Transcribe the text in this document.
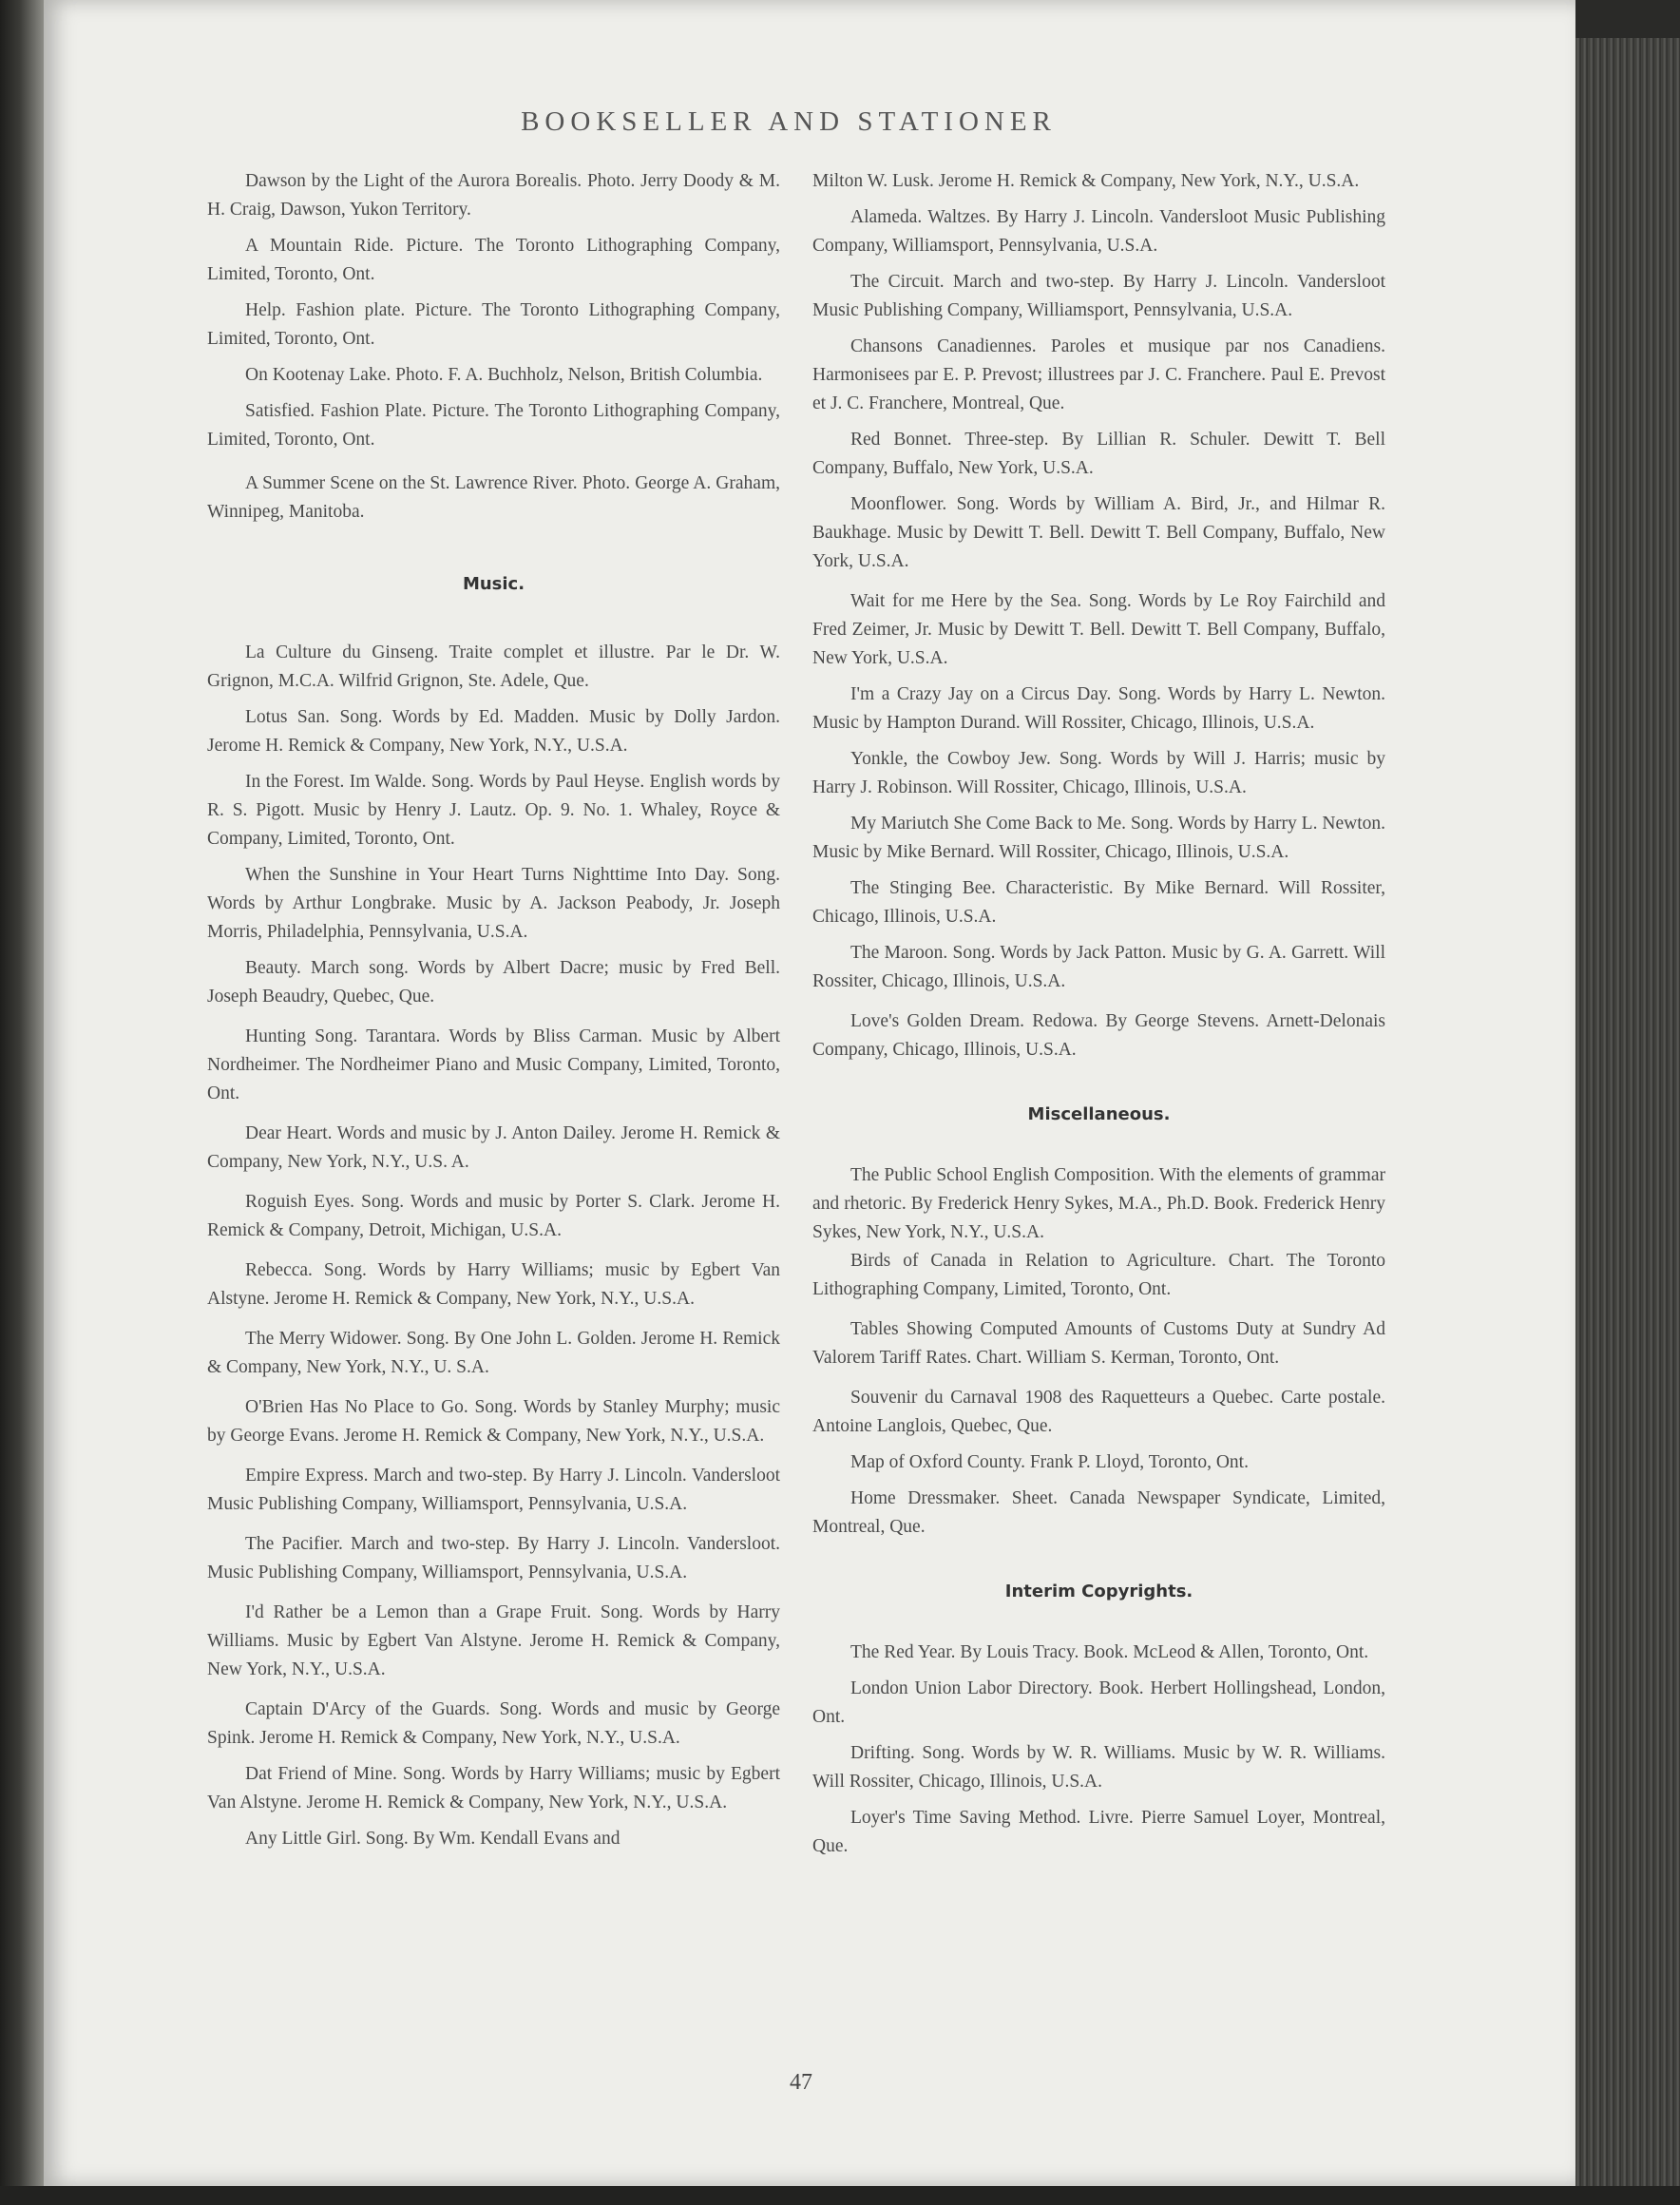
BOOKSELLER AND STATIONER

Dawson by the Light of the Aurora Borealis. Photo. Jerry Doody & M. H. Craig, Dawson, Yukon Territory.

A Mountain Ride. Picture. The Toronto Lithographing Company, Limited, Toronto, Ont.

Help. Fashion plate. Picture. The Toronto Lithographing Company, Limited, Toronto, Ont.

On Kootenay Lake. Photo. F. A. Buchholz, Nelson, British Columbia.

Satisfied. Fashion Plate. Picture. The Toronto Lithographing Company, Limited, Toronto, Ont.

A Summer Scene on the St. Lawrence River. Photo. George A. Graham, Winnipeg, Manitoba.

Music.

La Culture du Ginseng. Traite complet et illustre. Par le Dr. W. Grignon, M.C.A. Wilfrid Grignon, Ste. Adele, Que.

Lotus San. Song. Words by Ed. Madden. Music by Dolly Jardon. Jerome H. Remick & Company, New York, N.Y., U.S.A.

In the Forest. Im Walde. Song. Words by Paul Heyse. English words by R. S. Pigott. Music by Henry J. Lautz. Op. 9. No. 1. Whaley, Royce & Company, Limited, Toronto, Ont.

When the Sunshine in Your Heart Turns Nighttime Into Day. Song. Words by Arthur Longbrake. Music by A. Jackson Peabody, Jr. Joseph Morris, Philadelphia, Pennsylvania, U.S.A.

Beauty. March song. Words by Albert Dacre; music by Fred Bell. Joseph Beaudry, Quebec, Que.

Hunting Song. Tarantara. Words by Bliss Carman. Music by Albert Nordheimer. The Nordheimer Piano and Music Company, Limited, Toronto, Ont.

Dear Heart. Words and music by J. Anton Dailey. Jerome H. Remick & Company, New York, N.Y., U.S. A.

Roguish Eyes. Song. Words and music by Porter S. Clark. Jerome H. Remick & Company, Detroit, Michigan, U.S.A.

Rebecca. Song. Words by Harry Williams; music by Egbert Van Alstyne. Jerome H. Remick & Company, New York, N.Y., U.S.A.

The Merry Widower. Song. By One John L. Golden. Jerome H. Remick & Company, New York, N.Y., U. S.A.

O'Brien Has No Place to Go. Song. Words by Stanley Murphy; music by George Evans. Jerome H. Remick & Company, New York, N.Y., U.S.A.

Empire Express. March and two-step. By Harry J. Lincoln. Vandersloot Music Publishing Company, Williamsport, Pennsylvania, U.S.A.

The Pacifier. March and two-step. By Harry J. Lincoln. Vandersloot. Music Publishing Company, Williamsport, Pennsylvania, U.S.A.

I'd Rather be a Lemon than a Grape Fruit. Song. Words by Harry Williams. Music by Egbert Van Alstyne. Jerome H. Remick & Company, New York, N.Y., U.S.A.

Captain D'Arcy of the Guards. Song. Words and music by George Spink. Jerome H. Remick & Company, New York, N.Y., U.S.A.

Dat Friend of Mine. Song. Words by Harry Williams; music by Egbert Van Alstyne. Jerome H. Remick & Company, New York, N.Y., U.S.A.

Any Little Girl. Song. By Wm. Kendall Evans and

Milton W. Lusk. Jerome H. Remick & Company, New York, N.Y., U.S.A.

Alameda. Waltzes. By Harry J. Lincoln. Vandersloot Music Publishing Company, Williamsport, Pennsylvania, U.S.A.

The Circuit. March and two-step. By Harry J. Lincoln. Vandersloot Music Publishing Company, Williamsport, Pennsylvania, U.S.A.

Chansons Canadiennes. Paroles et musique par nos Canadiens. Harmonisees par E. P. Prevost; illustrees par J. C. Franchere. Paul E. Prevost et J. C. Franchere, Montreal, Que.

Red Bonnet. Three-step. By Lillian R. Schuler. Dewitt T. Bell Company, Buffalo, New York, U.S.A.

Moonflower. Song. Words by William A. Bird, Jr., and Hilmar R. Baukhage. Music by Dewitt T. Bell. Dewitt T. Bell Company, Buffalo, New York, U.S.A.

Wait for me Here by the Sea. Song. Words by Le Roy Fairchild and Fred Zeimer, Jr. Music by Dewitt T. Bell. Dewitt T. Bell Company, Buffalo, New York, U.S.A.

I'm a Crazy Jay on a Circus Day. Song. Words by Harry L. Newton. Music by Hampton Durand. Will Rossiter, Chicago, Illinois, U.S.A.

Yonkle, the Cowboy Jew. Song. Words by Will J. Harris; music by Harry J. Robinson. Will Rossiter, Chicago, Illinois, U.S.A.

My Mariutch She Come Back to Me. Song. Words by Harry L. Newton. Music by Mike Bernard. Will Rossiter, Chicago, Illinois, U.S.A.

The Stinging Bee. Characteristic. By Mike Bernard. Will Rossiter, Chicago, Illinois, U.S.A.

The Maroon. Song. Words by Jack Patton. Music by G. A. Garrett. Will Rossiter, Chicago, Illinois, U.S.A.

Love's Golden Dream. Redowa. By George Stevens. Arnett-Delonais Company, Chicago, Illinois, U.S.A.

Miscellaneous.

The Public School English Composition. With the elements of grammar and rhetoric. By Frederick Henry Sykes, M.A., Ph.D. Book. Frederick Henry Sykes, New York, N.Y., U.S.A.

Birds of Canada in Relation to Agriculture. Chart. The Toronto Lithographing Company, Limited, Toronto, Ont.

Tables Showing Computed Amounts of Customs Duty at Sundry Ad Valorem Tariff Rates. Chart. William S. Kerman, Toronto, Ont.

Souvenir du Carnaval 1908 des Raquetteurs a Quebec. Carte postale. Antoine Langlois, Quebec, Que.

Map of Oxford County. Frank P. Lloyd, Toronto, Ont.

Home Dressmaker. Sheet. Canada Newspaper Syndicate, Limited, Montreal, Que.

Interim Copyrights.

The Red Year. By Louis Tracy. Book. McLeod & Allen, Toronto, Ont.

London Union Labor Directory. Book. Herbert Hollingshead, London, Ont.

Drifting. Song. Words by W. R. Williams. Music by W. R. Williams. Will Rossiter, Chicago, Illinois, U.S.A.

Loyer's Time Saving Method. Livre. Pierre Samuel Loyer, Montreal, Que.

47
